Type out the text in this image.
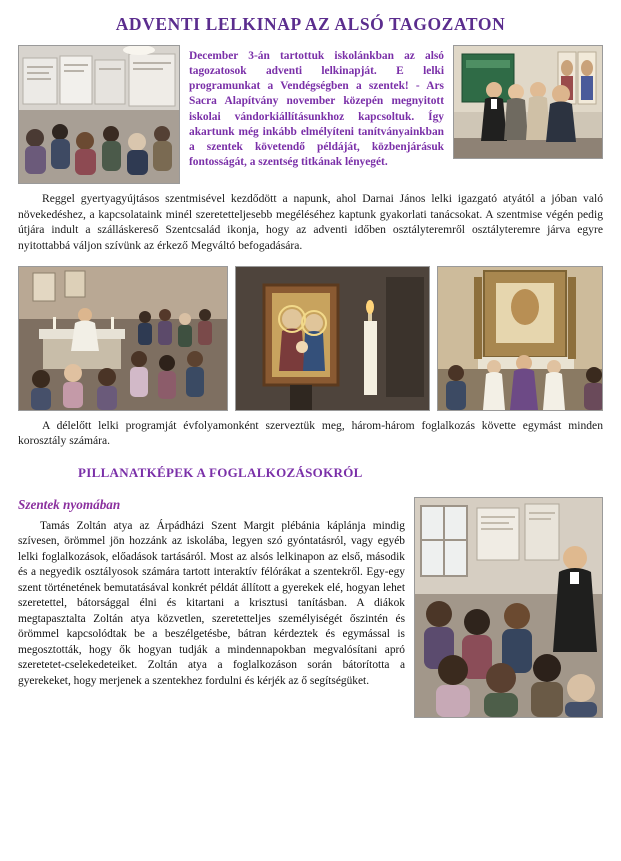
ADVENTI LELKINAP AZ ALSÓ TAGOZATON
December 3-án tartottuk iskolánkban az alsó tagozatosok adventi lelkinapját. E lelki programunkat a Vendégségben a szentek! - Ars Sacra Alapítvány november közepén megnyitott iskolai vándorkiállításunkhoz kapcsoltuk. Így akartunk még inkább elmélyíteni tanítványainkban a szentek követendő példáját, közbenjárásuk fontosságát, a szentség titkának lényegét.
Reggel gyertyagyújtásos szentmisével kezdődött a napunk, ahol Darnai János lelki igazgató atyától a jóban való növekedéshez, a kapcsolataink minél szeretetteljesebb megéléséhez kaptunk gyakorlati tanácsokat. A szentmise végén pedig útjára indult a szálláskereső Szentcsalád ikonja, hogy az adventi időben osztályteremről osztályteremre járva egyre nyitottabbá váljon szívünk az érkező Megváltó befogadására.
A délelőtt lelki programját évfolyamonként szerveztük meg, három-három foglalkozás követte egymást minden korosztály számára.
PILLANATKÉPEK A FOGLALKOZÁSOKRÓL
Szentek nyomában
Tamás Zoltán atya az Árpádházi Szent Margit plébánia káplánja mindig szívesen, örömmel jön hozzánk az iskolába, legyen szó gyóntatásról, vagy egyéb lelki foglalkozások, előadások tartásáról. Most az alsós lelkinapon az első, második és a negyedik osztályosok számára tartott interaktív félórákat a szentekről. Egy-egy szent történetének bemutatásával konkrét példát állított a gyerekek elé, hogyan lehet szeretettel, bátorsággal élni és kitartani a krisztusi tanításban. A diákok megtapasztalta Zoltán atya közvetlen, szeretetteljes személyiségét őszintén és örömmel kapcsolódtak be a beszélgetésbe, bátran kérdeztek és egymással is megosztották, hogy ők hogyan tudják a mindennapokban megvalósítani apró szeretetet-cselekedeteiket. Zoltán atya a foglalkozáson során bátorította a gyerekeket, hogy merjenek a szentekhez fordulni és kérjék az ő segítségüket.
